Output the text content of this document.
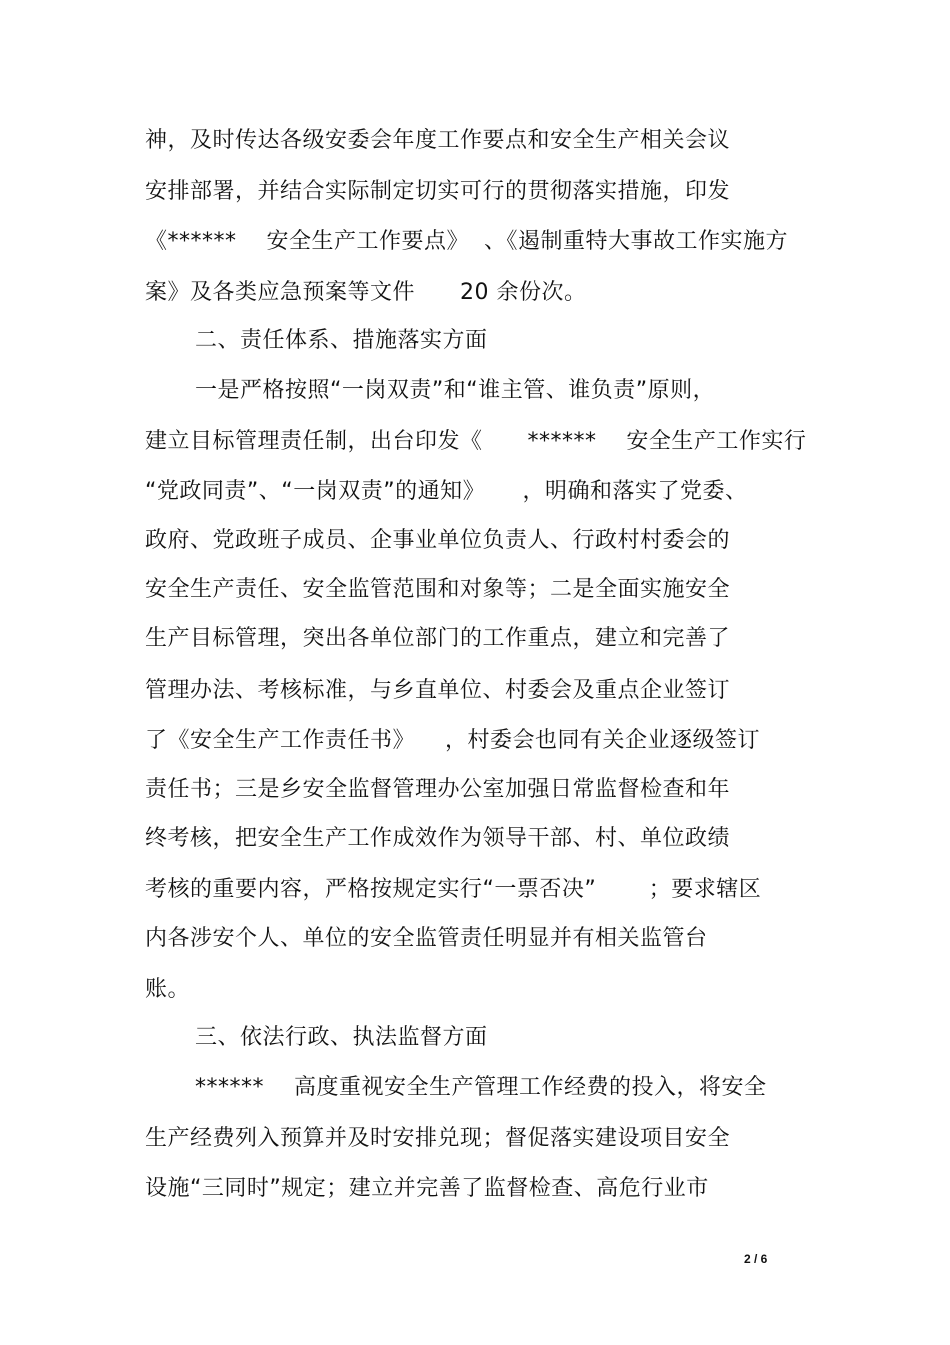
神，及时传达各级安委会年度工作要点和安全生产相关会议
安排部署，并结合实际制定切实可行的贯彻落实措施，印发
《******    安全生产工作要点》  、《遏制重特大事故工作实施方
案》及各类应急预案等文件      20 余份次。
二、责任体系、措施落实方面
一是严格按照“一岗双责”和“谁主管、谁负责”原则，
建立目标管理责任制，出台印发《      ******    安全生产工作实行
“党政同责”、“一岗双责”的通知》     ，明确和落实了党委、
政府、党政班子成员、企事业单位负责人、行政村村委会的
安全生产责任、安全监管范围和对象等；二是全面实施安全
生产目标管理，突出各单位部门的工作重点，建立和完善了
管理办法、考核标准，与乡直单位、村委会及重点企业签订
了《安全生产工作责任书》    ，村委会也同有关企业逐级签订
责任书；三是乡安全监督管理办公室加强日常监督检查和年
终考核，把安全生产工作成效作为领导干部、村、单位政绩
考核的重要内容，严格按规定实行“一票否决”       ；要求辖区
内各涉安个人、单位的安全监管责任明显并有相关监管台
账。
三、依法行政、执法监督方面
******    高度重视安全生产管理工作经费的投入，将安全
生产经费列入预算并及时安排兑现；督促落实建设项目安全
设施“三同时”规定；建立并完善了监督检查、高危行业市
2 / 6
